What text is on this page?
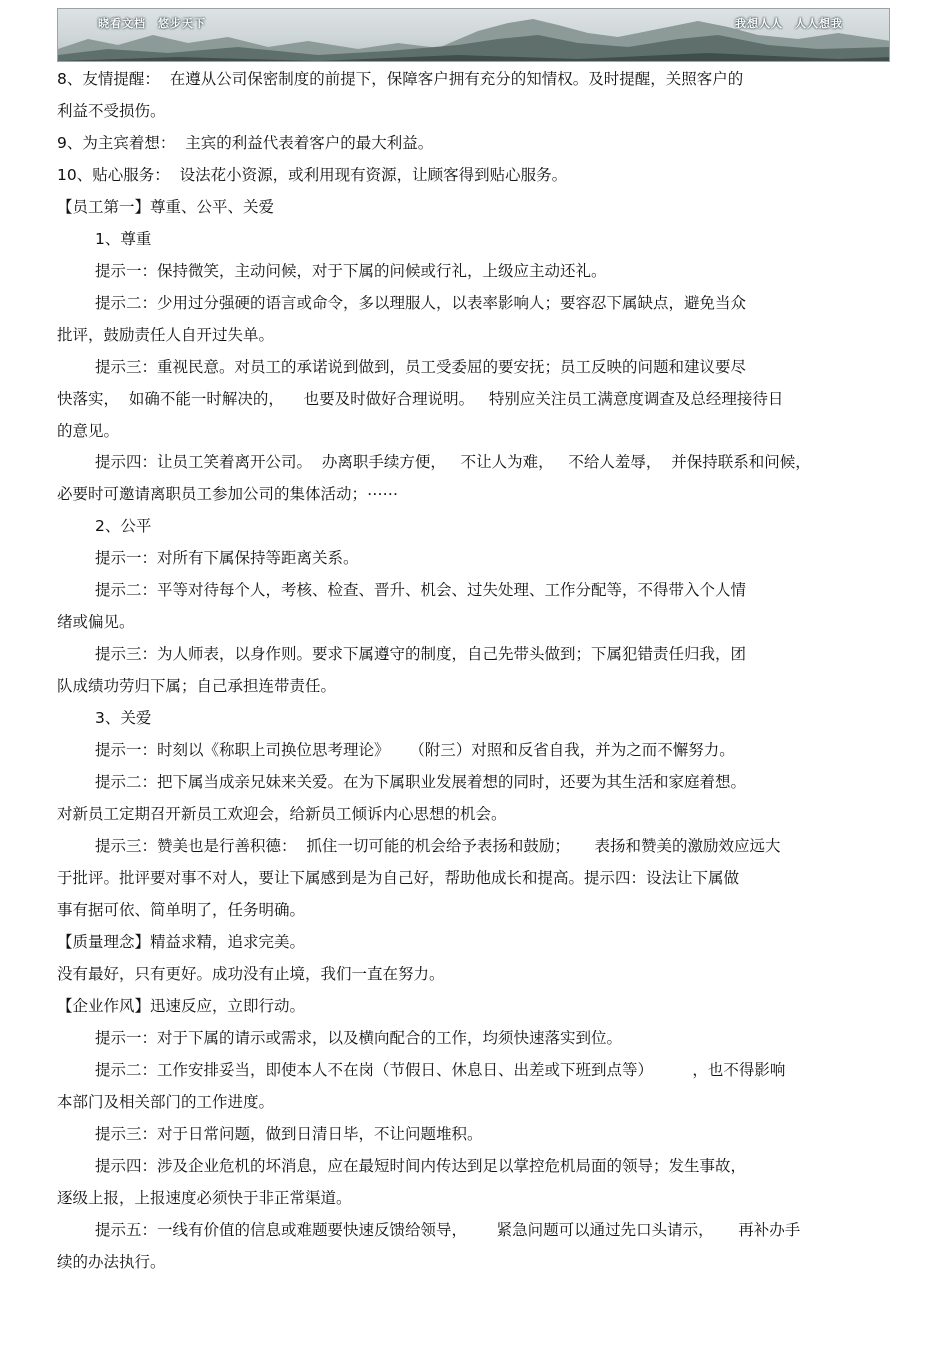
晓看文档　悠步天下	我想人人　人人想我
8、友情提醒：  在遵从公司保密制度的前提下，保障客户拥有充分的知情权。及时提醒，关照客户的
利益不受损伤。
9、为主宾着想：  主宾的利益代表着客户的最大利益。
10、贴心服务：  设法花小资源，或利用现有资源，让顾客得到贴心服务。
【员工第一】尊重、公平、关爱
1、尊重
提示一：保持微笑，主动问候，对于下属的问候或行礼，上级应主动还礼。
提示二：少用过分强硬的语言或命令，多以理服人，以表率影响人；要容忍下属缺点，避免当众
批评，鼓励责任人自开过失单。
提示三：重视民意。对员工的承诺说到做到，员工受委屈的要安抚；员工反映的问题和建议要尽
快落实，  如确不能一时解决的，    也要及时做好合理说明。   特别应关注员工满意度调查及总经理接待日
的意见。
提示四：让员工笑着离开公司。  办离职手续方便，   不让人为难，   不给人羞辱，  并保持联系和问候，
必要时可邀请离职员工参加公司的集体活动；⋯⋯
2、公平
提示一：对所有下属保持等距离关系。
提示二：平等对待每个人，考核、检查、晋升、机会、过失处理、工作分配等，不得带入个人情
绪或偏见。
提示三：为人师表，以身作则。要求下属遵守的制度，自己先带头做到；下属犯错责任归我，团
队成绩功劳归下属；自己承担连带责任。
3、关爱
提示一：时刻以《称职上司换位思考理论》    （附三）对照和反省自我，并为之而不懈努力。
提示二：把下属当成亲兄妹来关爱。在为下属职业发展着想的同时，还要为其生活和家庭着想。
对新员工定期召开新员工欢迎会，给新员工倾诉内心思想的机会。
提示三：赞美也是行善积德：  抓住一切可能的机会给予表扬和鼓励；     表扬和赞美的激励效应远大
于批评。批评要对事不对人，要让下属感到是为自己好，帮助他成长和提高。提示四：设法让下属做
事有据可依、简单明了，任务明确。
【质量理念】精益求精，追求完美。
没有最好，只有更好。成功没有止境，我们一直在努力。
【企业作风】迅速反应，立即行动。
提示一：对于下属的请示或需求，以及横向配合的工作，均须快速落实到位。
提示二：工作安排妥当，即使本人不在岗（节假日、休息日、出差或下班到点等）        ，也不得影响
本部门及相关部门的工作进度。
提示三：对于日常问题，做到日清日毕，不让问题堆积。
提示四：涉及企业危机的坏消息，应在最短时间内传达到足以掌控危机局面的领导；发生事故，
逐级上报，上报速度必须快于非正常渠道。
提示五：一线有价值的信息或难题要快速反馈给领导，      紧急问题可以通过先口头请示，     再补办手
续的办法执行。
